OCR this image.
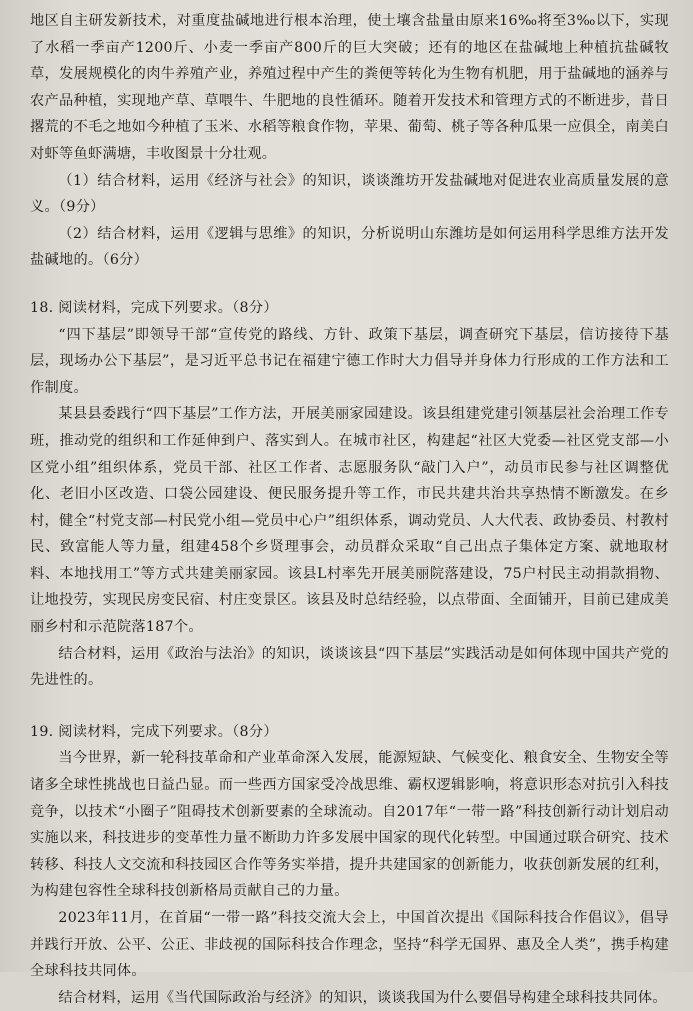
地区自主研发新技术，对重度盐碱地进行根本治理，使土壤含盐量由原来16‰将至3‰以下，实现了水稻一季亩产1200斤、小麦一季亩产800斤的巨大突破；还有的地区在盐碱地上种植抗盐碱牧草，发展规模化的肉牛养殖产业，养殖过程中产生的粪便等转化为生物有机肥，用于盐碱地的涵养与农产品种植，实现地产草、草喂牛、牛肥地的良性循环。随着开发技术和管理方式的不断进步，昔日撂荒的不毛之地如今种植了玉米、水稻等粮食作物，苹果、葡萄、桃子等各种瓜果一应俱全，南美白对虾等鱼虾满塘，丰收图景十分壮观。

（1）结合材料，运用《经济与社会》的知识，谈谈潍坊开发盐碱地对促进农业高质量发展的意义。（9分）

（2）结合材料，运用《逻辑与思维》的知识，分析说明山东潍坊是如何运用科学思维方法开发盐碱地的。（6分）

18. 阅读材料，完成下列要求。（8分）

“四下基层”即领导干部“宣传党的路线、方针、政策下基层，调查研究下基层，信访接待下基层，现场办公下基层”，是习近平总书记在福建宁德工作时大力倡导并身体力行形成的工作方法和工作制度。

某县县委践行“四下基层”工作方法，开展美丽家园建设。该县组建党建引领基层社会治理工作专班，推动党的组织和工作延伸到户、落实到人。在城市社区，构建起“社区大党委—社区党支部—小区党小组”组织体系，党员干部、社区工作者、志愿服务队“敲门入户”，动员市民参与社区调整优化、老旧小区改造、口袋公园建设、便民服务提升等工作，市民共建共治共享热情不断激发。在乡村，健全“村党支部—村民党小组—党员中心户”组织体系，调动党员、人大代表、政协委员、村教村民、致富能人等力量，组建458个乡贤理事会，动员群众采取“自己出点子集体定方案、就地取材料、本地找用工”等方式共建美丽家园。该县L村率先开展美丽院落建设，75户村民主动捐款捐物、让地投劳，实现民房变民宿、村庄变景区。该县及时总结经验，以点带面、全面铺开，目前已建成美丽乡村和示范院落187个。

结合材料，运用《政治与法治》的知识，谈谈该县“四下基层”实践活动是如何体现中国共产党的先进性的。

19. 阅读材料，完成下列要求。（8分）

当今世界，新一轮科技革命和产业革命深入发展，能源短缺、气候变化、粮食安全、生物安全等诸多全球性挑战也日益凸显。而一些西方国家受冷战思维、霸权逻辑影响，将意识形态对抗引入科技竞争，以技术“小圈子”阻碍技术创新要素的全球流动。自2017年“一带一路”科技创新行动计划启动实施以来，科技进步的变革性力量不断助力许多发展中国家的现代化转型。中国通过联合研究、技术转移、科技人文交流和科技园区合作等务实举措，提升共建国家的创新能力，收获创新发展的红利，为构建包容性全球科技创新格局贡献自己的力量。

2023年11月，在首届“一带一路”科技交流大会上，中国首次提出《国际科技合作倡议》，倡导并践行开放、公平、公正、非歧视的国际科技合作理念，坚持“科学无国界、惠及全人类”，携手构建全球科技共同体。

结合材料，运用《当代国际政治与经济》的知识，谈谈我国为什么要倡导构建全球科技共同体。
